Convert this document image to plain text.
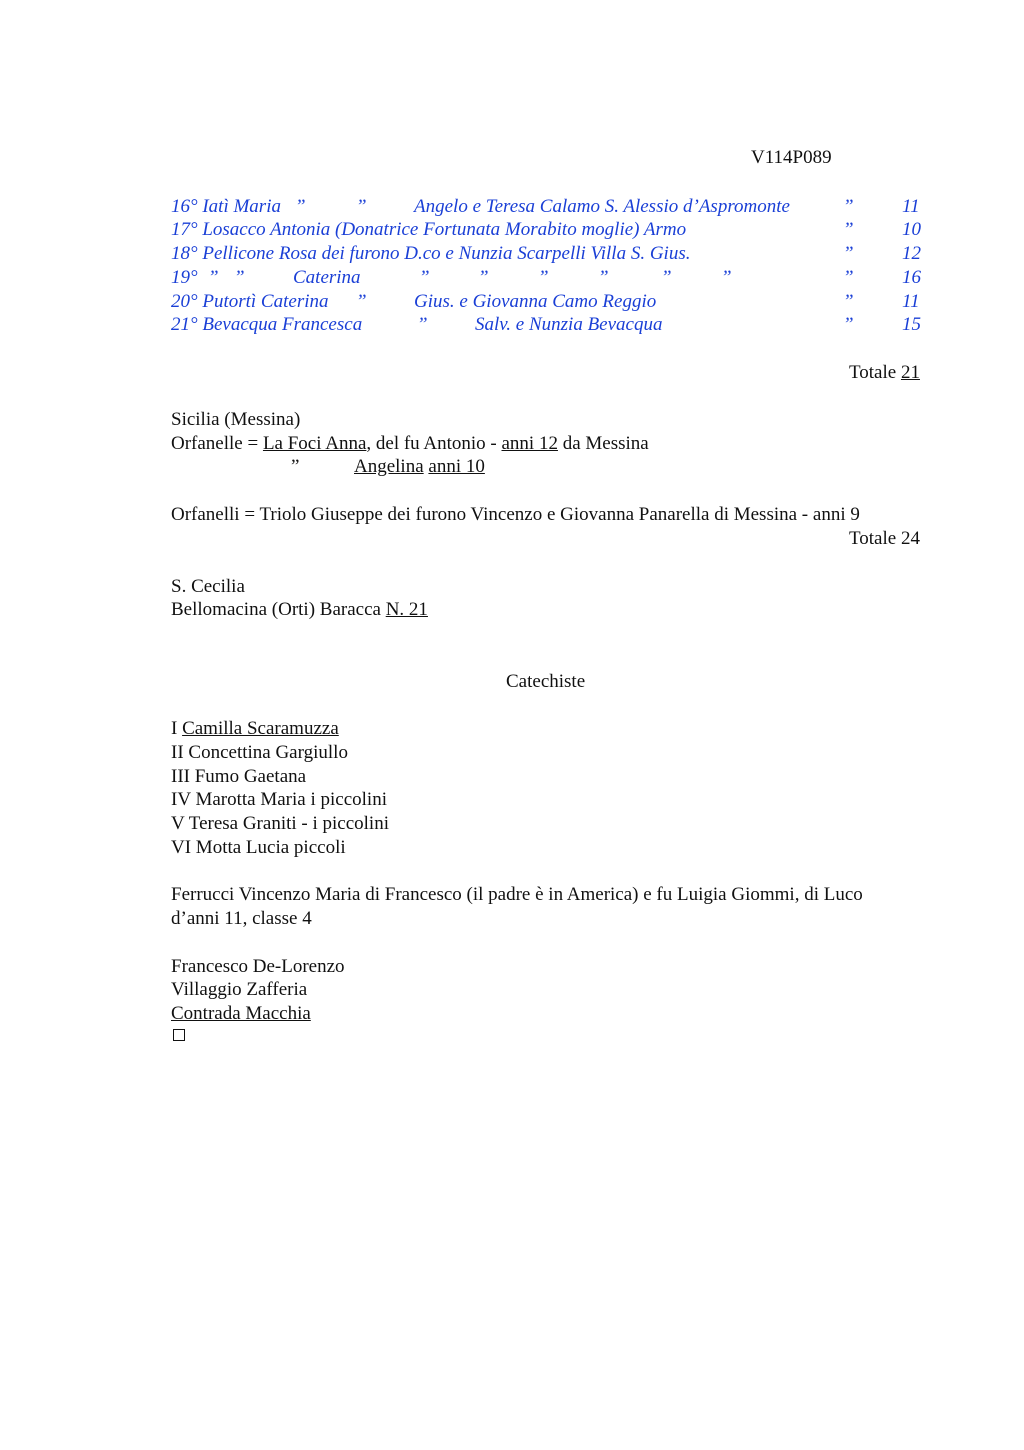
V114P089
16° Iatì Maria ”	” Angelo e Teresa Calamo S. Alessio d’Aspromonte	”	11
17° Losacco Antonia (Donatrice Fortunata Morabito moglie) Armo	”	10
18° Pellicone Rosa dei furono D.co e Nunzia Scarpelli Villa S. Gius.	”	12
19° ” ”	Caterina	”	”	”	”	”	”	”	16
20° Putortì Caterina ” Gius. e Giovanna Camo Reggio	”	11
21° Bevacqua Francesca	” Salv. e Nunzia Bevacqua	”	15
Totale 21
Sicilia (Messina)
Orfanelle = La Foci Anna, del fu Antonio - anni 12 da Messina
”	Angelina anni 10
Orfanelli = Triolo Giuseppe dei furono Vincenzo e Giovanna Panarella di Messina - anni 9
Totale 24
S. Cecilia
Bellomacina (Orti) Baracca N. 21
Catechiste
I Camilla Scaramuzza
II Concettina Gargiullo
III Fumo Gaetana
IV Marotta Maria i piccolini
V Teresa Graniti - i piccolini
VI Motta Lucia piccoli
Ferrucci Vincenzo Maria di Francesco (il padre è in America) e fu Luigia Giommi, di Luco
d’anni 11, classe 4
Francesco De-Lorenzo
Villaggio Zafferia
Contrada Macchia
